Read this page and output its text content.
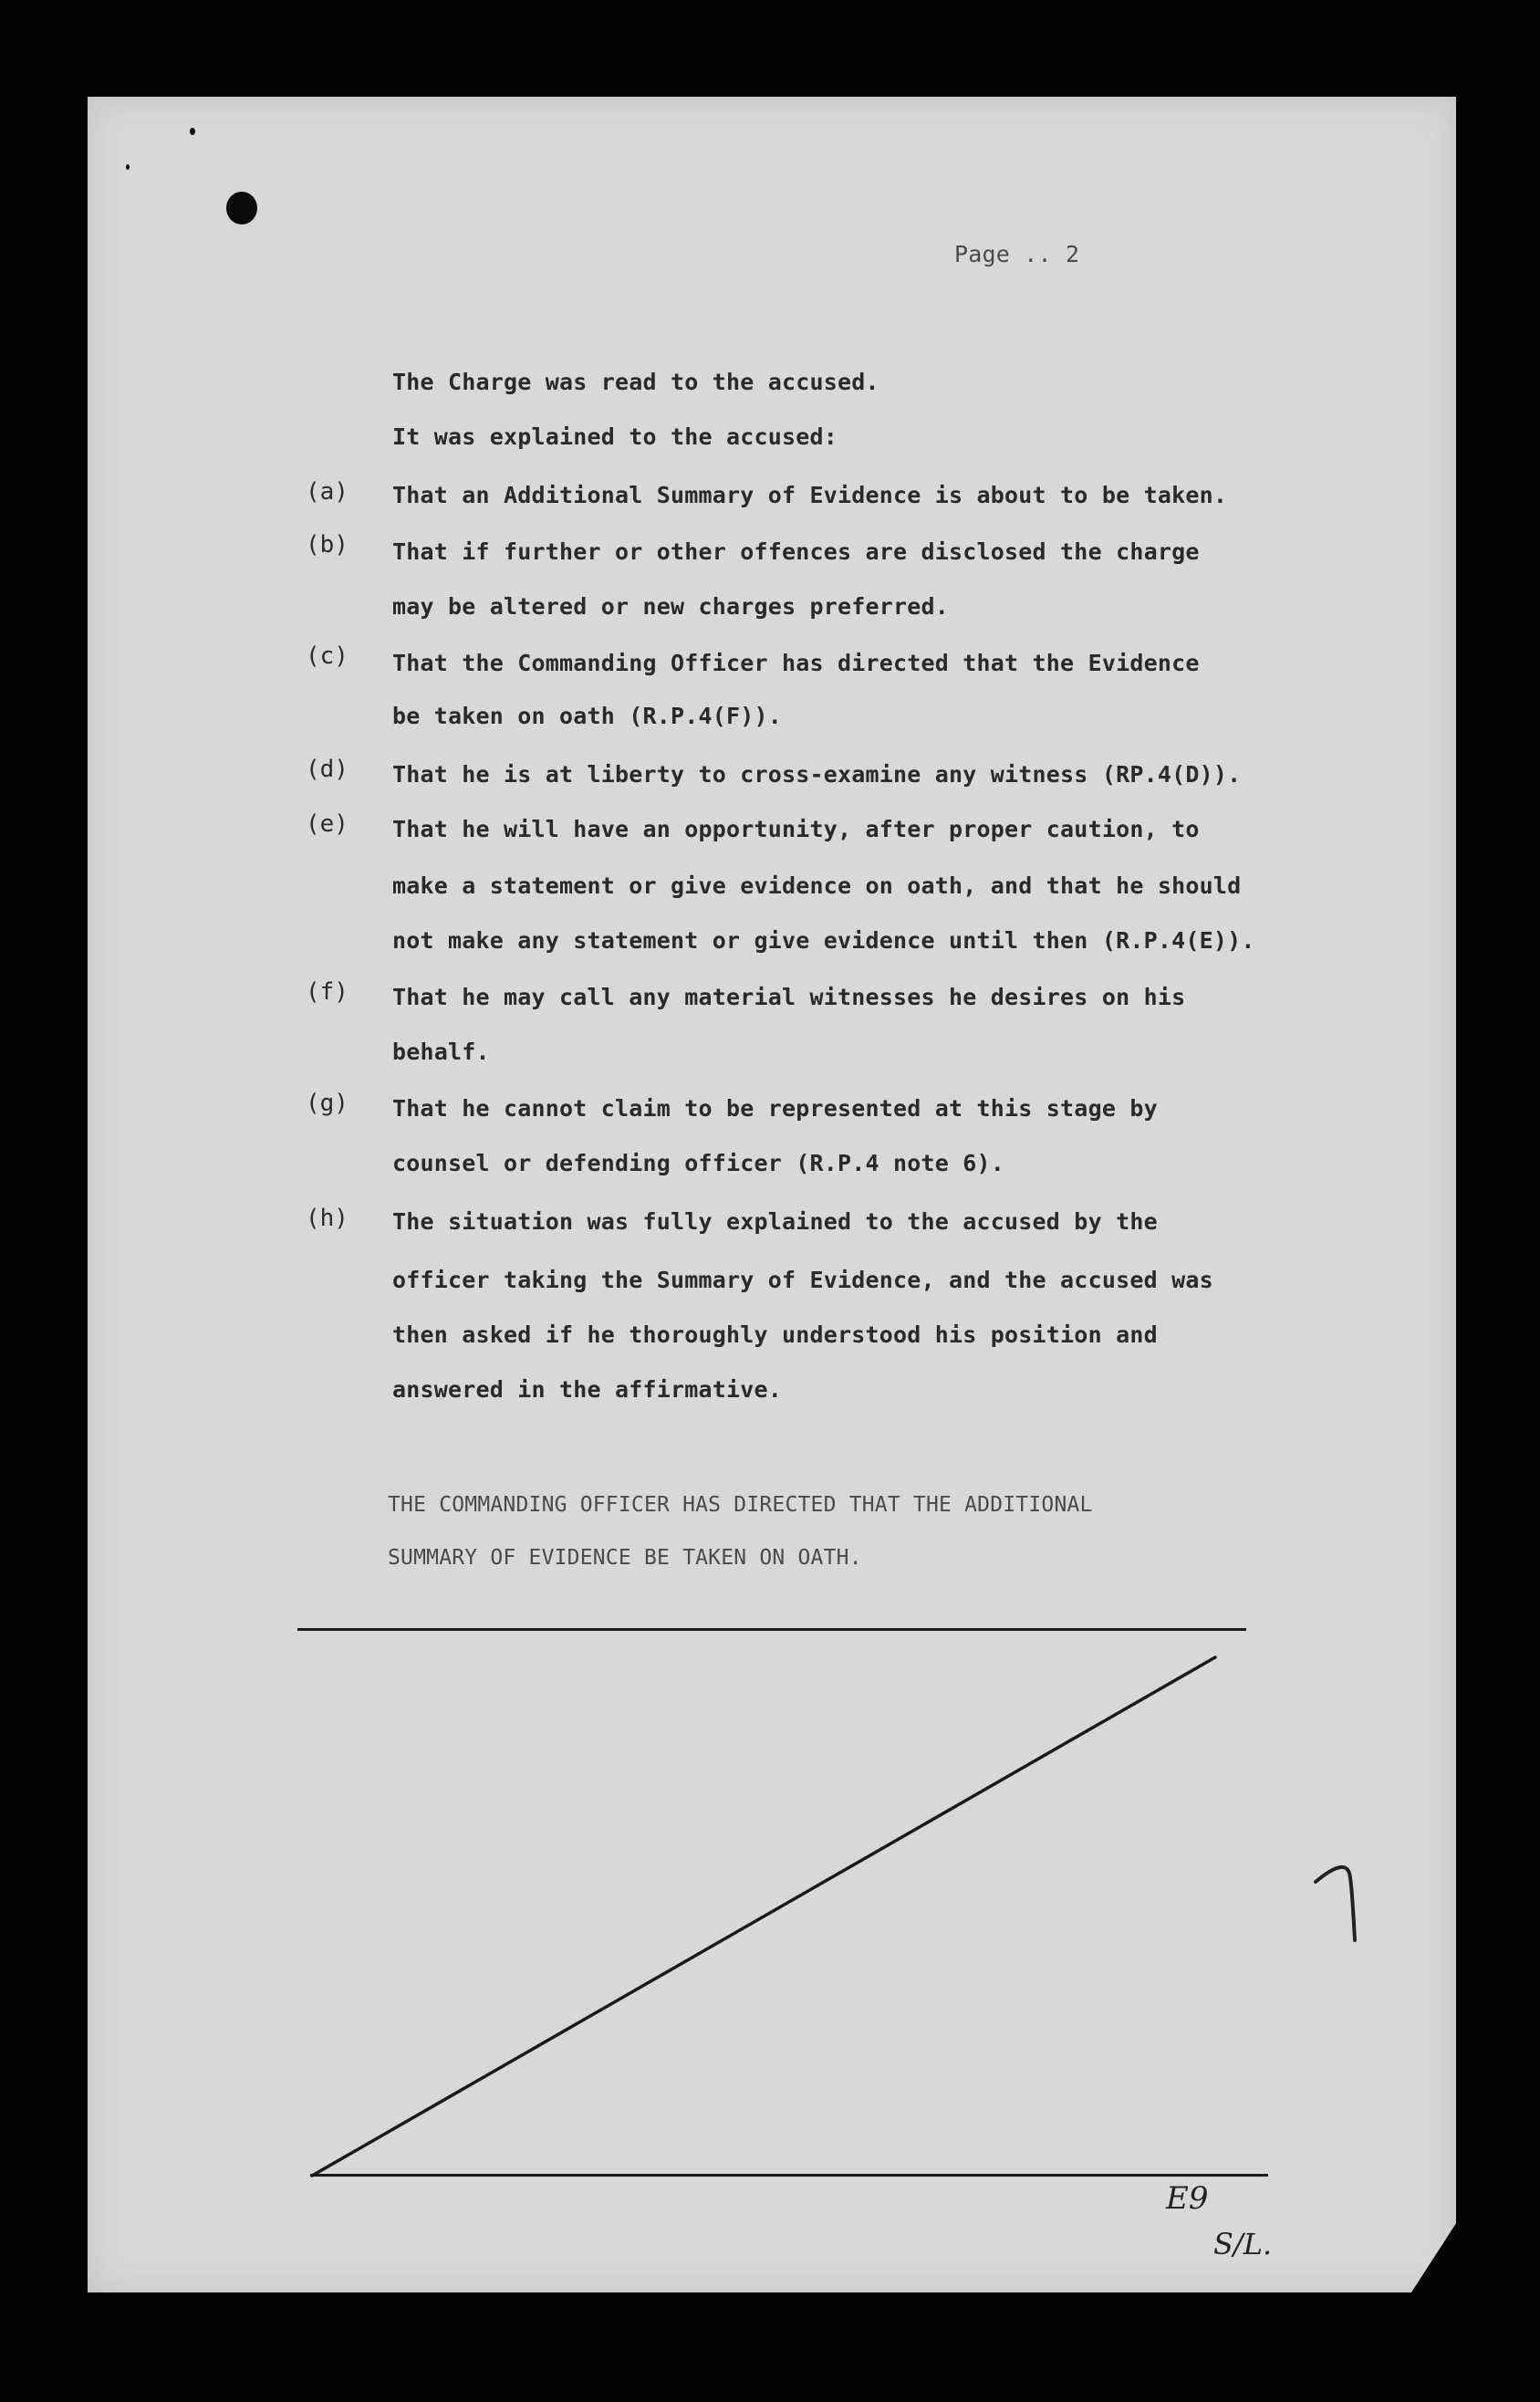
Page .. 2

The Charge was read to the accused.

It was explained to the accused:

(a) That an Additional Summary of Evidence is about to be taken.

(b) That if further or other offences are disclosed the charge

may be altered or new charges preferred.

(c) That the Commanding Officer has directed that the Evidence

be taken on oath (R.P.4(F)).

(d) That he is at liberty to cross-examine any witness (RP.4(D)).

(e) That he will have an opportunity, after proper caution, to

make a statement or give evidence on oath, and that he should

not make any statement or give evidence until then (R.P.4(E)).

(f) That he may call any material witnesses he desires on his

behalf.

(g) That he cannot claim to be represented at this stage by

counsel or defending officer (R.P.4 note 6).

(h) The situation was fully explained to the accused by the

officer taking the Summary of Evidence, and the accused was

then asked if he thoroughly understood his position and

answered in the affirmative.

THE COMMANDING OFFICER HAS DIRECTED THAT THE ADDITIONAL

SUMMARY OF EVIDENCE BE TAKEN ON OATH.

E9

S/L.
